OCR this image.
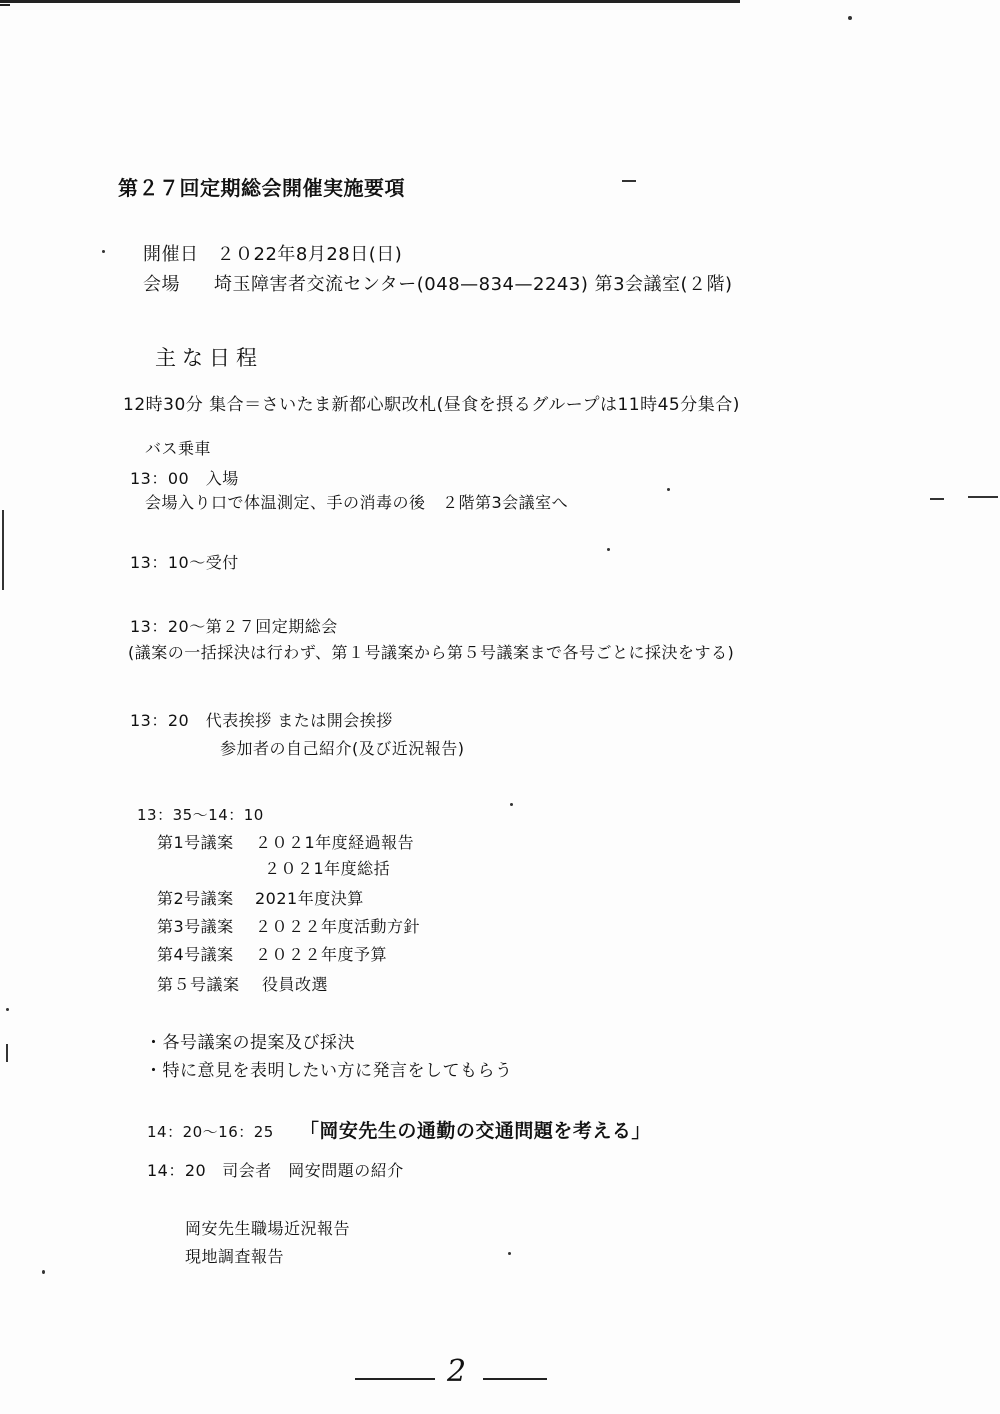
第２７回定期総会開催実施要項
開催日 ２０22年8月28日(日)
会場 埼玉障害者交流センター(048—834—2243) 第3会議室(２階)
主な日程
12時30分 集合＝さいたま新都心駅改札(昼食を摂るグループは11時45分集合)
バス乗車
13：00　入場
会場入り口で体温測定、手の消毒の後　２階第3会議室へ
13：10～受付
13：20～第２７回定期総会
(議案の一括採決は行わず、第１号議案から第５号議案まで各号ごとに採決をする)
13：20　代表挨拶 または開会挨拶
参加者の自己紹介(及び近況報告)
13：35～14：10
第1号議案 ２０２1年度経過報告
２０２1年度総括
第2号議案 2021年度決算
第3号議案 ２０２２年度活動方針
第4号議案 ２０２２年度予算
第５号議案 役員改選
・各号議案の提案及び採決
・特に意見を表明したい方に発言をしてもらう
14：20～16：25 「岡安先生の通勤の交通問題を考える」
14：20 司会者　岡安問題の紹介
岡安先生職場近況報告
現地調査報告
2
